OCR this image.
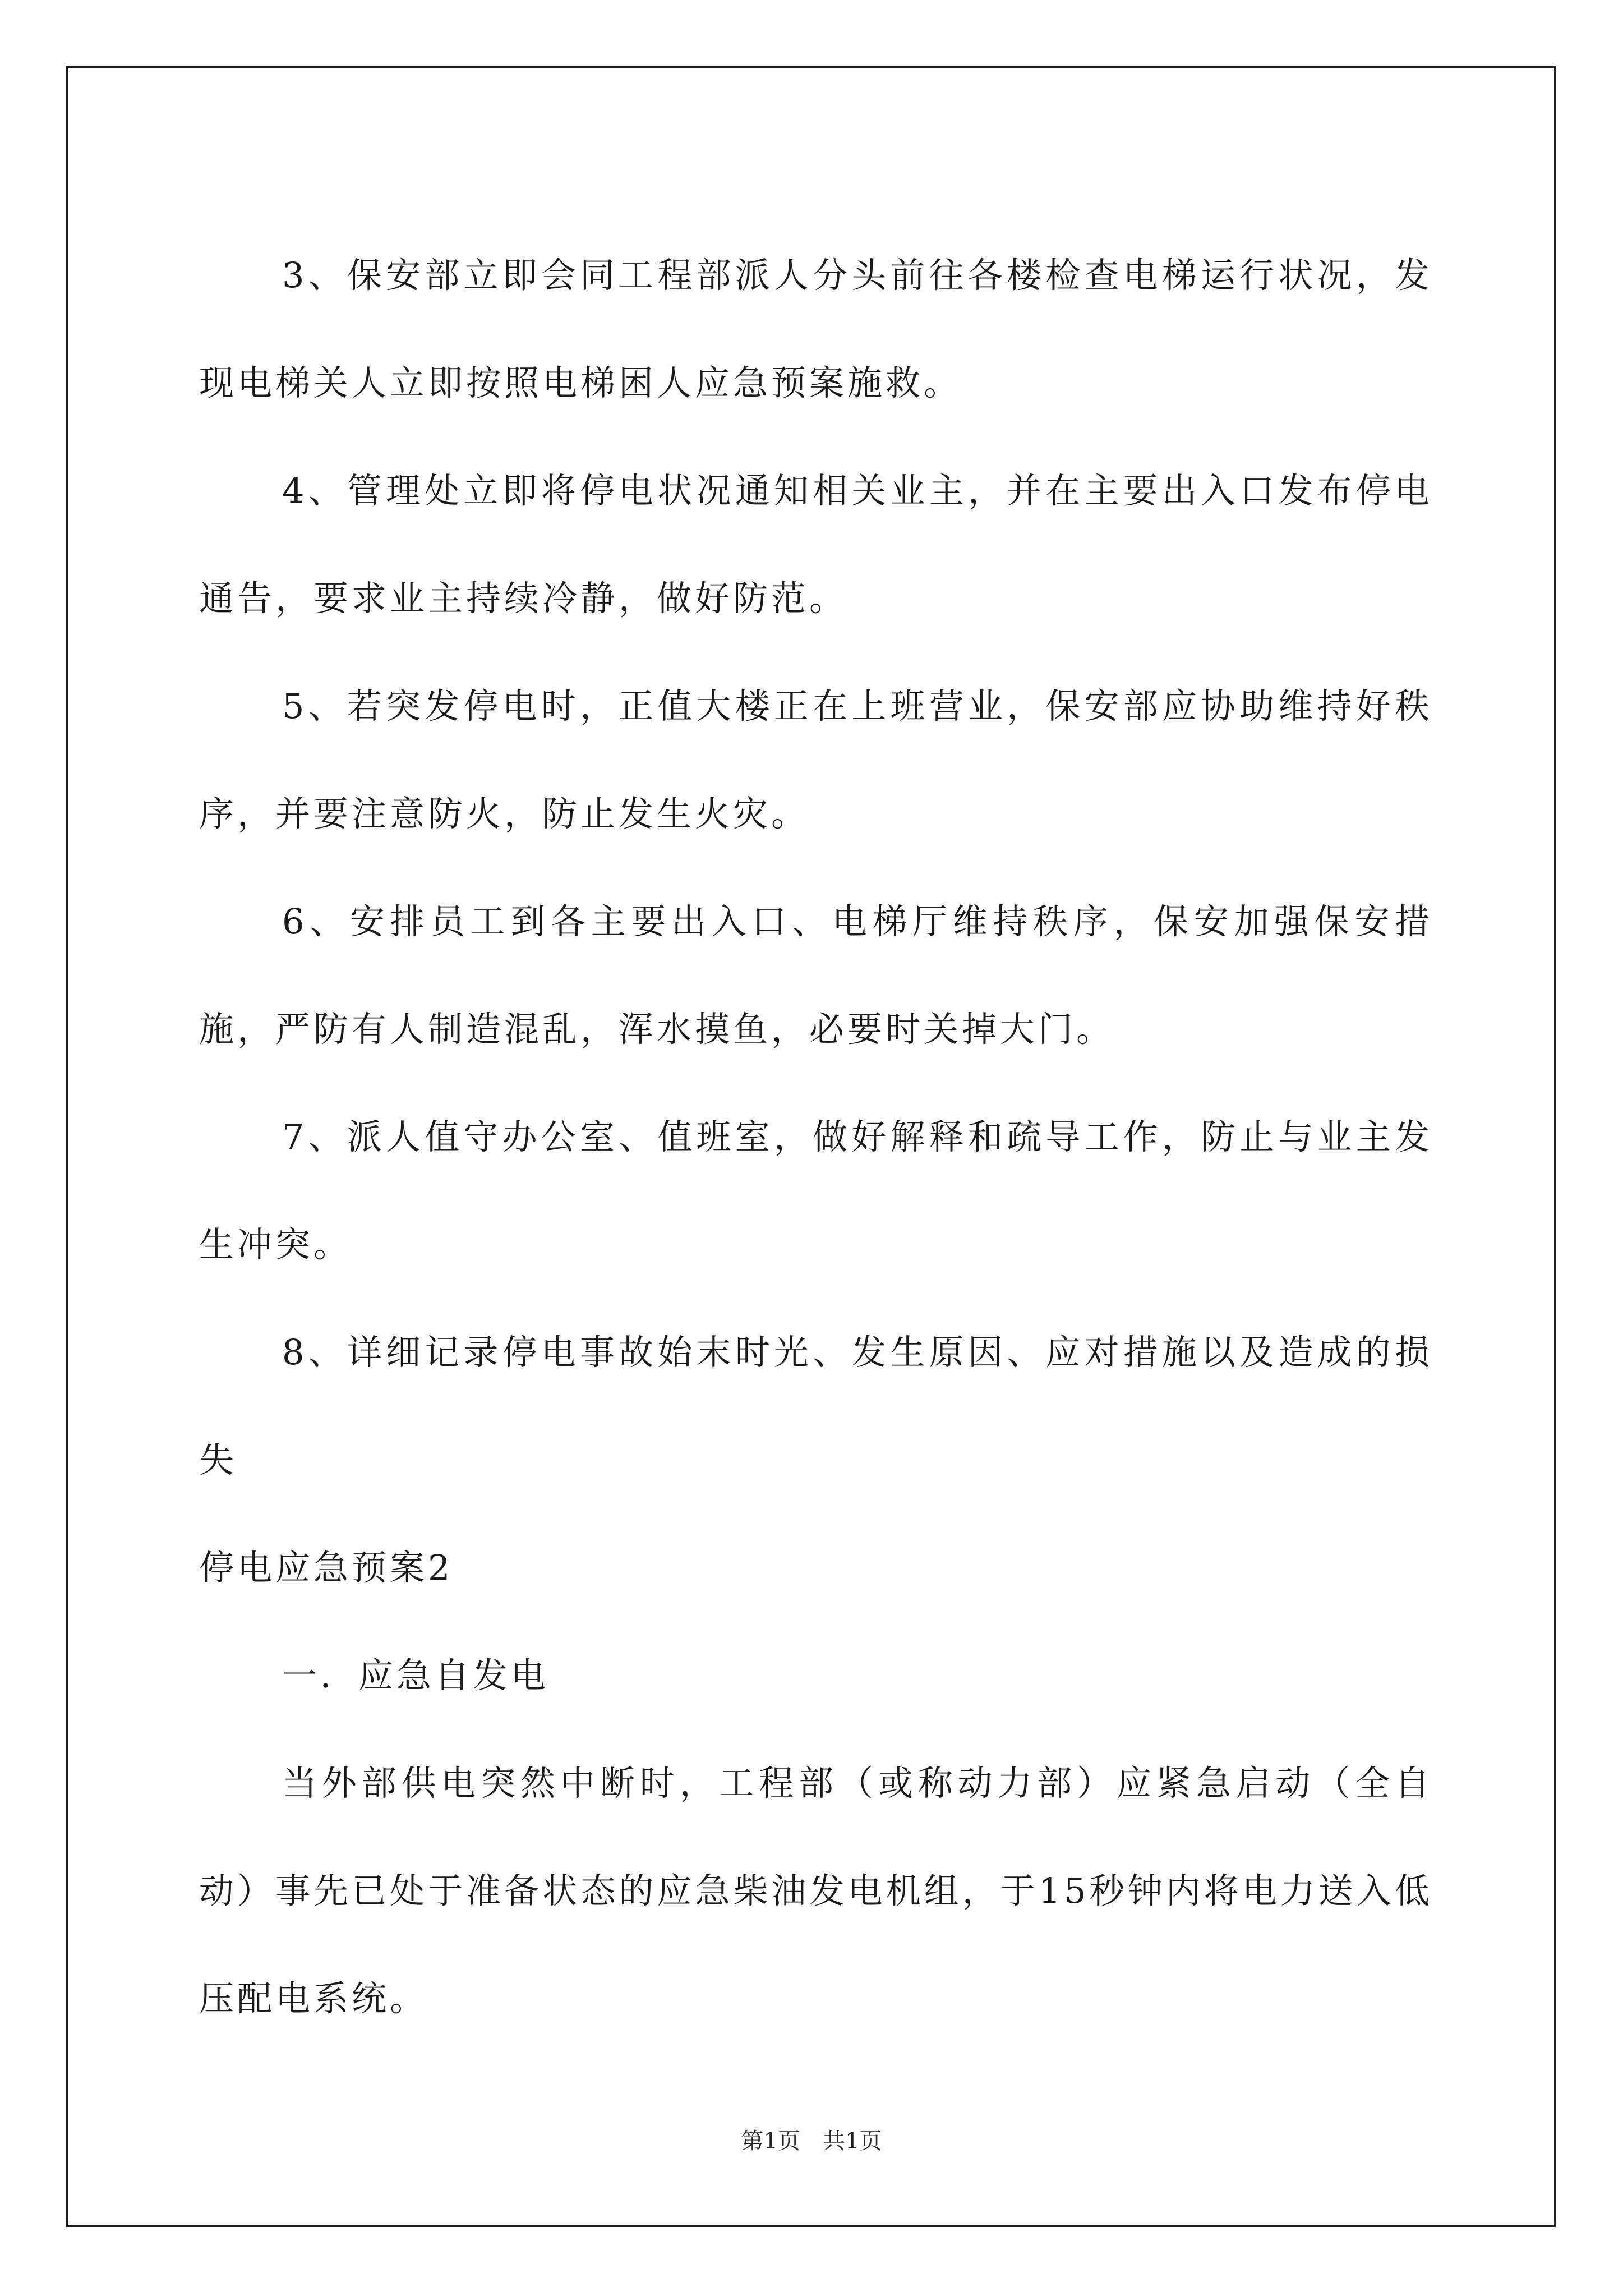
3、保安部立即会同工程部派人分头前往各楼检查电梯运行状况，发现电梯关人立即按照电梯困人应急预案施救。

4、管理处立即将停电状况通知相关业主，并在主要出入口发布停电通告，要求业主持续冷静，做好防范。

5、若突发停电时，正值大楼正在上班营业，保安部应协助维持好秩序，并要注意防火，防止发生火灾。

6、安排员工到各主要出入口、电梯厅维持秩序，保安加强保安措施，严防有人制造混乱，浑水摸鱼，必要时关掉大门。

7、派人值守办公室、值班室，做好解释和疏导工作，防止与业主发生冲突。

8、详细记录停电事故始末时光、发生原因、应对措施以及造成的损失

停电应急预案2

一．应急自发电

当外部供电突然中断时，工程部（或称动力部）应紧急启动（全自动）事先已处于准备状态的应急柴油发电机组，于15秒钟内将电力送入低压配电系统。

第1页　共1页
